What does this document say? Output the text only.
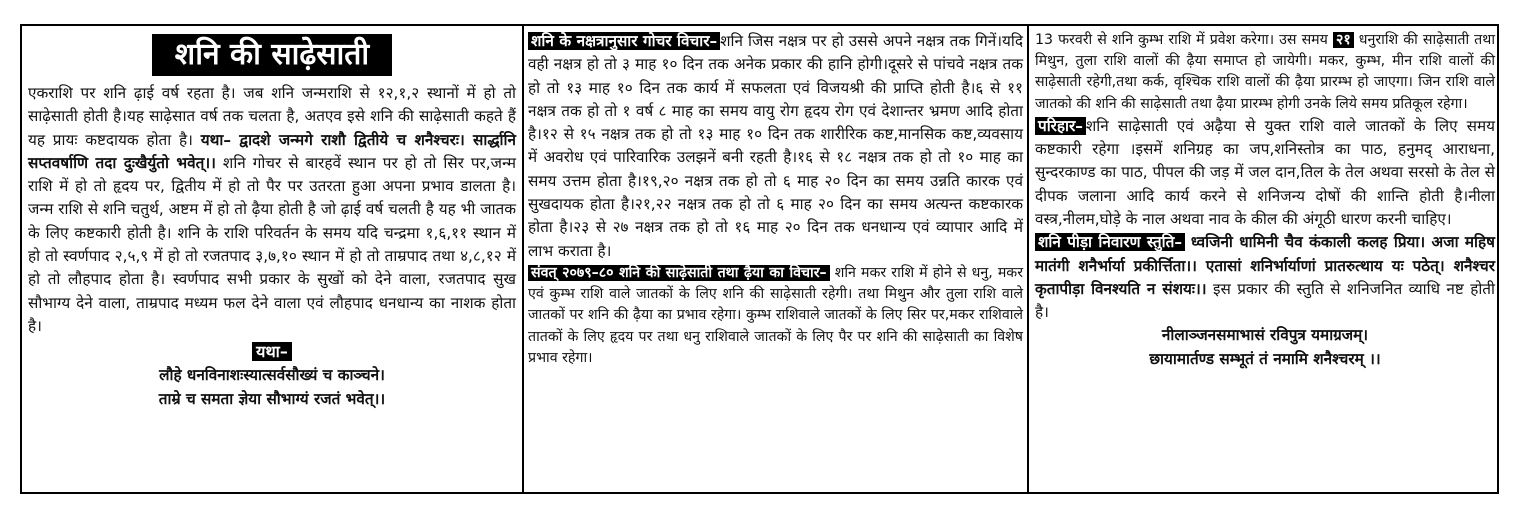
शनि की साढ़ेसाती
एकराशि पर शनि ढ़ाई वर्ष रहता है। जब शनि जन्मराशि से १२,१,२ स्थानों में हो तो साढ़ेसाती होती है।यह साढ़ेसात वर्ष तक चलता है, अतएव इसे शनि की साढ़ेसाती कहते हैं यह प्रायः कष्टदायक होता है। यथा– द्वादशे जन्मगे राशौ द्वितीये च शनैश्चरः। सार्द्धानि सप्तवर्षाणि तदा दुःखैर्युतो भवेत्।। शनि गोचर से बारहवें स्थान पर हो तो सिर पर,जन्म राशि में हो तो हृदय पर, द्वितीय में हो तो पैर पर उतरता हुआ अपना प्रभाव डालता है। जन्म राशि से शनि चतुर्थ, अष्टम में हो तो ढ़ैया होती है जो ढ़ाई वर्ष चलती है यह भी जातक के लिए कष्टकारी होती है। शनि के राशि परिवर्तन के समय यदि चन्द्रमा १,६,११ स्थान में हो तो स्वर्णपाद २,५,९ में हो तो रजतपाद ३,७,१० स्थान में हो तो ताम्रपाद तथा ४,८,१२ में हो तो लौहपाद होता है। स्वर्णपाद सभी प्रकार के सुखों को देने वाला, रजतपाद सुख सौभाग्य देने वाला, ताम्रपाद मध्यम फल देने वाला एवं लौहपाद धनधान्य का नाशक होता है।
यथा–
लौहे धनविनाशःस्यात्सर्वसौख्यं च काञ्चने।
ताम्रे च समता ज्ञेया सौभाग्यं रजतं भवेत्।।
शनि के नक्षत्रानुसार गोचर विचार– शनि जिस नक्षत्र पर हो उससे अपने नक्षत्र तक गिनें।यदि वही नक्षत्र हो तो ३ माह १० दिन तक अनेक प्रकार की हानि होगी।दूसरे से पांचवे नक्षत्र तक हो तो १३ माह १० दिन तक कार्य में सफलता एवं विजयश्री की प्राप्ति होती है।६ से ११ नक्षत्र तक हो तो १ वर्ष ८ माह का समय वायु रोग हृदय रोग एवं देशान्तर भ्रमण आदि होता है।१२ से १५ नक्षत्र तक हो तो १३ माह १० दिन तक शारीरिक कष्ट,मानसिक कष्ट,व्यवसाय में अवरोध एवं पारिवारिक उलझनें बनी रहती है।१६ से १८ नक्षत्र तक हो तो १० माह का समय उत्तम होता है।१९,२० नक्षत्र तक हो तो ६ माह २० दिन का समय उन्नति कारक एवं सुखदायक होता है।२१,२२ नक्षत्र तक हो तो ६ माह २० दिन का समय अत्यन्त कष्टकारक होता है।२३ से २७ नक्षत्र तक हो तो १६ माह २० दिन तक धनधान्य एवं व्यापार आदि में लाभ कराता है।
संवत् २०७९–८० शनि की साढ़ेसाती तथा ढ़ैया का विचार– शनि मकर राशि में होने से धनु, मकर एवं कुम्भ राशि वाले जातकों के लिए शनि की साढ़ेसाती रहेगी। तथा मिथुन और तुला राशि वाले जातकों पर शनि की ढ़ैया का प्रभाव रहेगा। कुम्भ राशिवाले जातकों के लिए सिर पर,मकर राशिवाले तातकों के लिए हृदय पर तथा धनु राशिवाले जातकों के लिए पैर पर शनि की साढ़ेसाती का विशेष प्रभाव रहेगा।
13 फरवरी से शनि कुम्भ राशि में प्रवेश करेगा। उस समय २१ धनुराशि की साढ़ेसाती तथा मिथुन, तुला राशि वालों की ढ़ैया समाप्त हो जायेगी। मकर, कुम्भ, मीन राशि वालों की साढ़ेसाती रहेगी,तथा कर्क, वृश्चिक राशि वालों की ढ़ैया प्रारम्भ हो जाएगा। जिन राशि वाले जातको की शनि की साढ़ेसाती तथा ढ़ैया प्रारम्भ होगी उनके लिये समय प्रतिकूल रहेगा।
परिहार– शनि साढ़ेसाती एवं अढ़ैया से युक्त राशि वाले जातकों के लिए समय कष्टकारी रहेगा ।इसमें शनिग्रह का जप,शनिस्तोत्र का पाठ, हनुमद् आराधना, सुन्दरकाण्ड का पाठ, पीपल की जड़ में जल दान,तिल के तेल अथवा सरसो के तेल से दीपक जलाना आदि कार्य करने से शनिजन्य दोषों की शान्ति होती है।नीला वस्त्र,नीलम,घोड़े के नाल अथवा नाव के कील की अंगूठी धारण करनी चाहिए।
शनि पीड़ा निवारण स्तुति– ध्वजिनी धामिनी चैव कंकाली कलह प्रिया। अजा महिष मातंगी शनैर्भार्या प्रकीर्त्तिता।। एतासां शनिर्भार्याणां प्रातरुत्थाय यः पठेत्। शनैश्चर कृतापीड़ा विनश्यति न संशयः।। इस प्रकार की स्तुति से शनिजनित व्याधि नष्ट होती है।
नीलाञ्जनसमाभासं रविपुत्र यमाग्रजम्।
छायामार्तण्ड सम्भूतं तं नमामि शनैश्चरम् ।।
